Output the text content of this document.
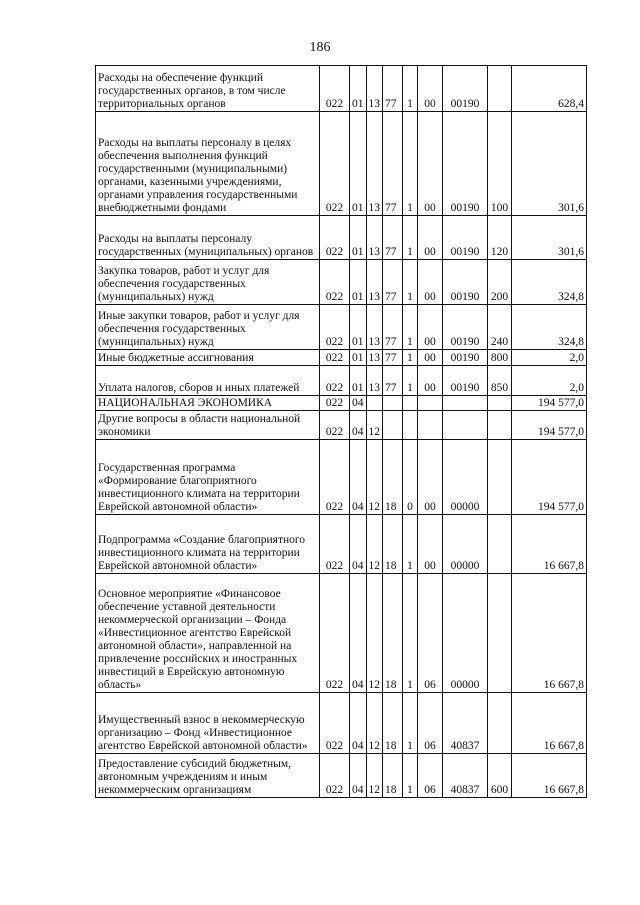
186
Расходы на обеспечение функций государственных органов, в том числе территориальных органов	022	01	13	77	1	00	00190		628,4
Расходы на выплаты персоналу в целях обеспечения выполнения функций государственными (муниципальными) органами, казенными учреждениями, органами управления государственными внебюджетными фондами	022	01	13	77	1	00	00190	100	301,6
Расходы на выплаты персоналу государственных (муниципальных) органов	022	01	13	77	1	00	00190	120	301,6
Закупка товаров, работ и услуг для обеспечения государственных (муниципальных) нужд	022	01	13	77	1	00	00190	200	324,8
Иные закупки товаров, работ и услуг для обеспечения государственных (муниципальных) нужд	022	01	13	77	1	00	00190	240	324,8
Иные бюджетные ассигнования	022	01	13	77	1	00	00190	800	2,0
Уплата налогов, сборов и иных платежей	022	01	13	77	1	00	00190	850	2,0
НАЦИОНАЛЬНАЯ ЭКОНОМИКА	022	04							194 577,0
Другие вопросы в области национальной экономики	022	04	12						194 577,0
Государственная программа «Формирование благоприятного инвестиционного климата на территории Еврейской автономной области»	022	04	12	18	0	00	00000		194 577,0
Подпрограмма «Создание благоприятного инвестиционного климата на территории Еврейской автономной области»	022	04	12	18	1	00	00000		16 667,8
Основное мероприятие «Финансовое обеспечение уставной деятельности некоммерческой организации – Фонда «Инвестиционное агентство Еврейской автономной области», направленной на привлечение российских и иностранных инвестиций в Еврейскую автономную область»	022	04	12	18	1	06	00000		16 667,8
Имущественный взнос в некоммерческую организацию – Фонд «Инвестиционное агентство Еврейской автономной области»	022	04	12	18	1	06	40837		16 667,8
Предоставление субсидий бюджетным, автономным учреждениям и иным некоммерческим организациям	022	04	12	18	1	06	40837	600	16 667,8
